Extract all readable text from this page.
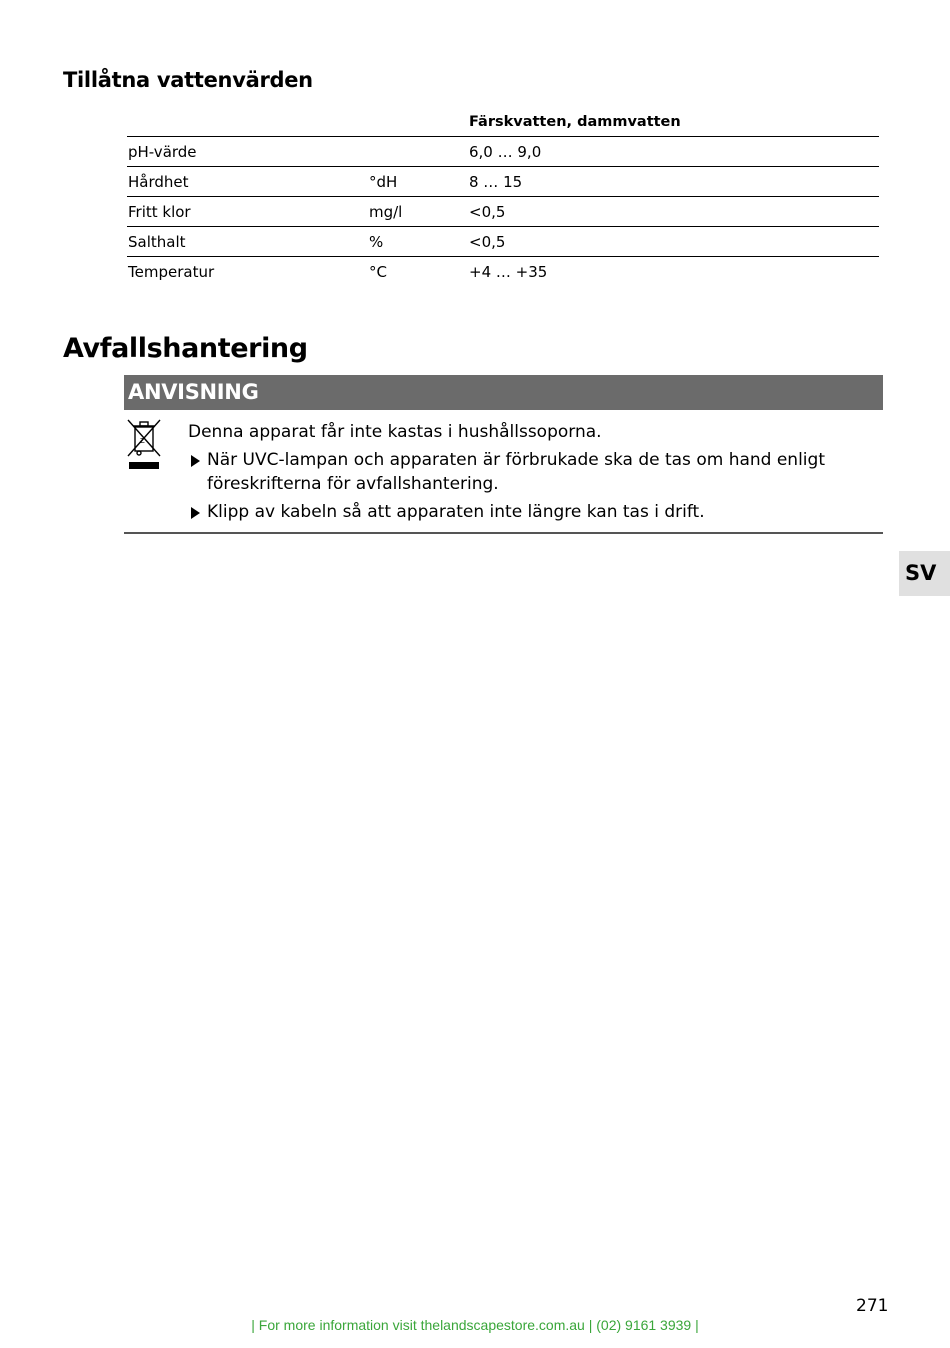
Tillåtna vattenvärden
		Färskvatten, dammvatten
pH-värde		6,0 … 9,0
Hårdhet	°dH	8 … 15
Fritt klor	mg/l	<0,5
Salthalt	%	<0,5
Temperatur	°C	+4 … +35
Avfallshantering
ANVISNING
Z	Denna apparat får inte kastas i hushållssoporna.

När UVC-lampan och apparaten är förbrukade ska de tas om hand enligt föreskrifterna för avfallshantering.
Klipp av kabeln så att apparaten inte längre kan tas i drift.
SV
271
| For more information visit thelandscapestore.com.au | (02) 9161 3939 |
